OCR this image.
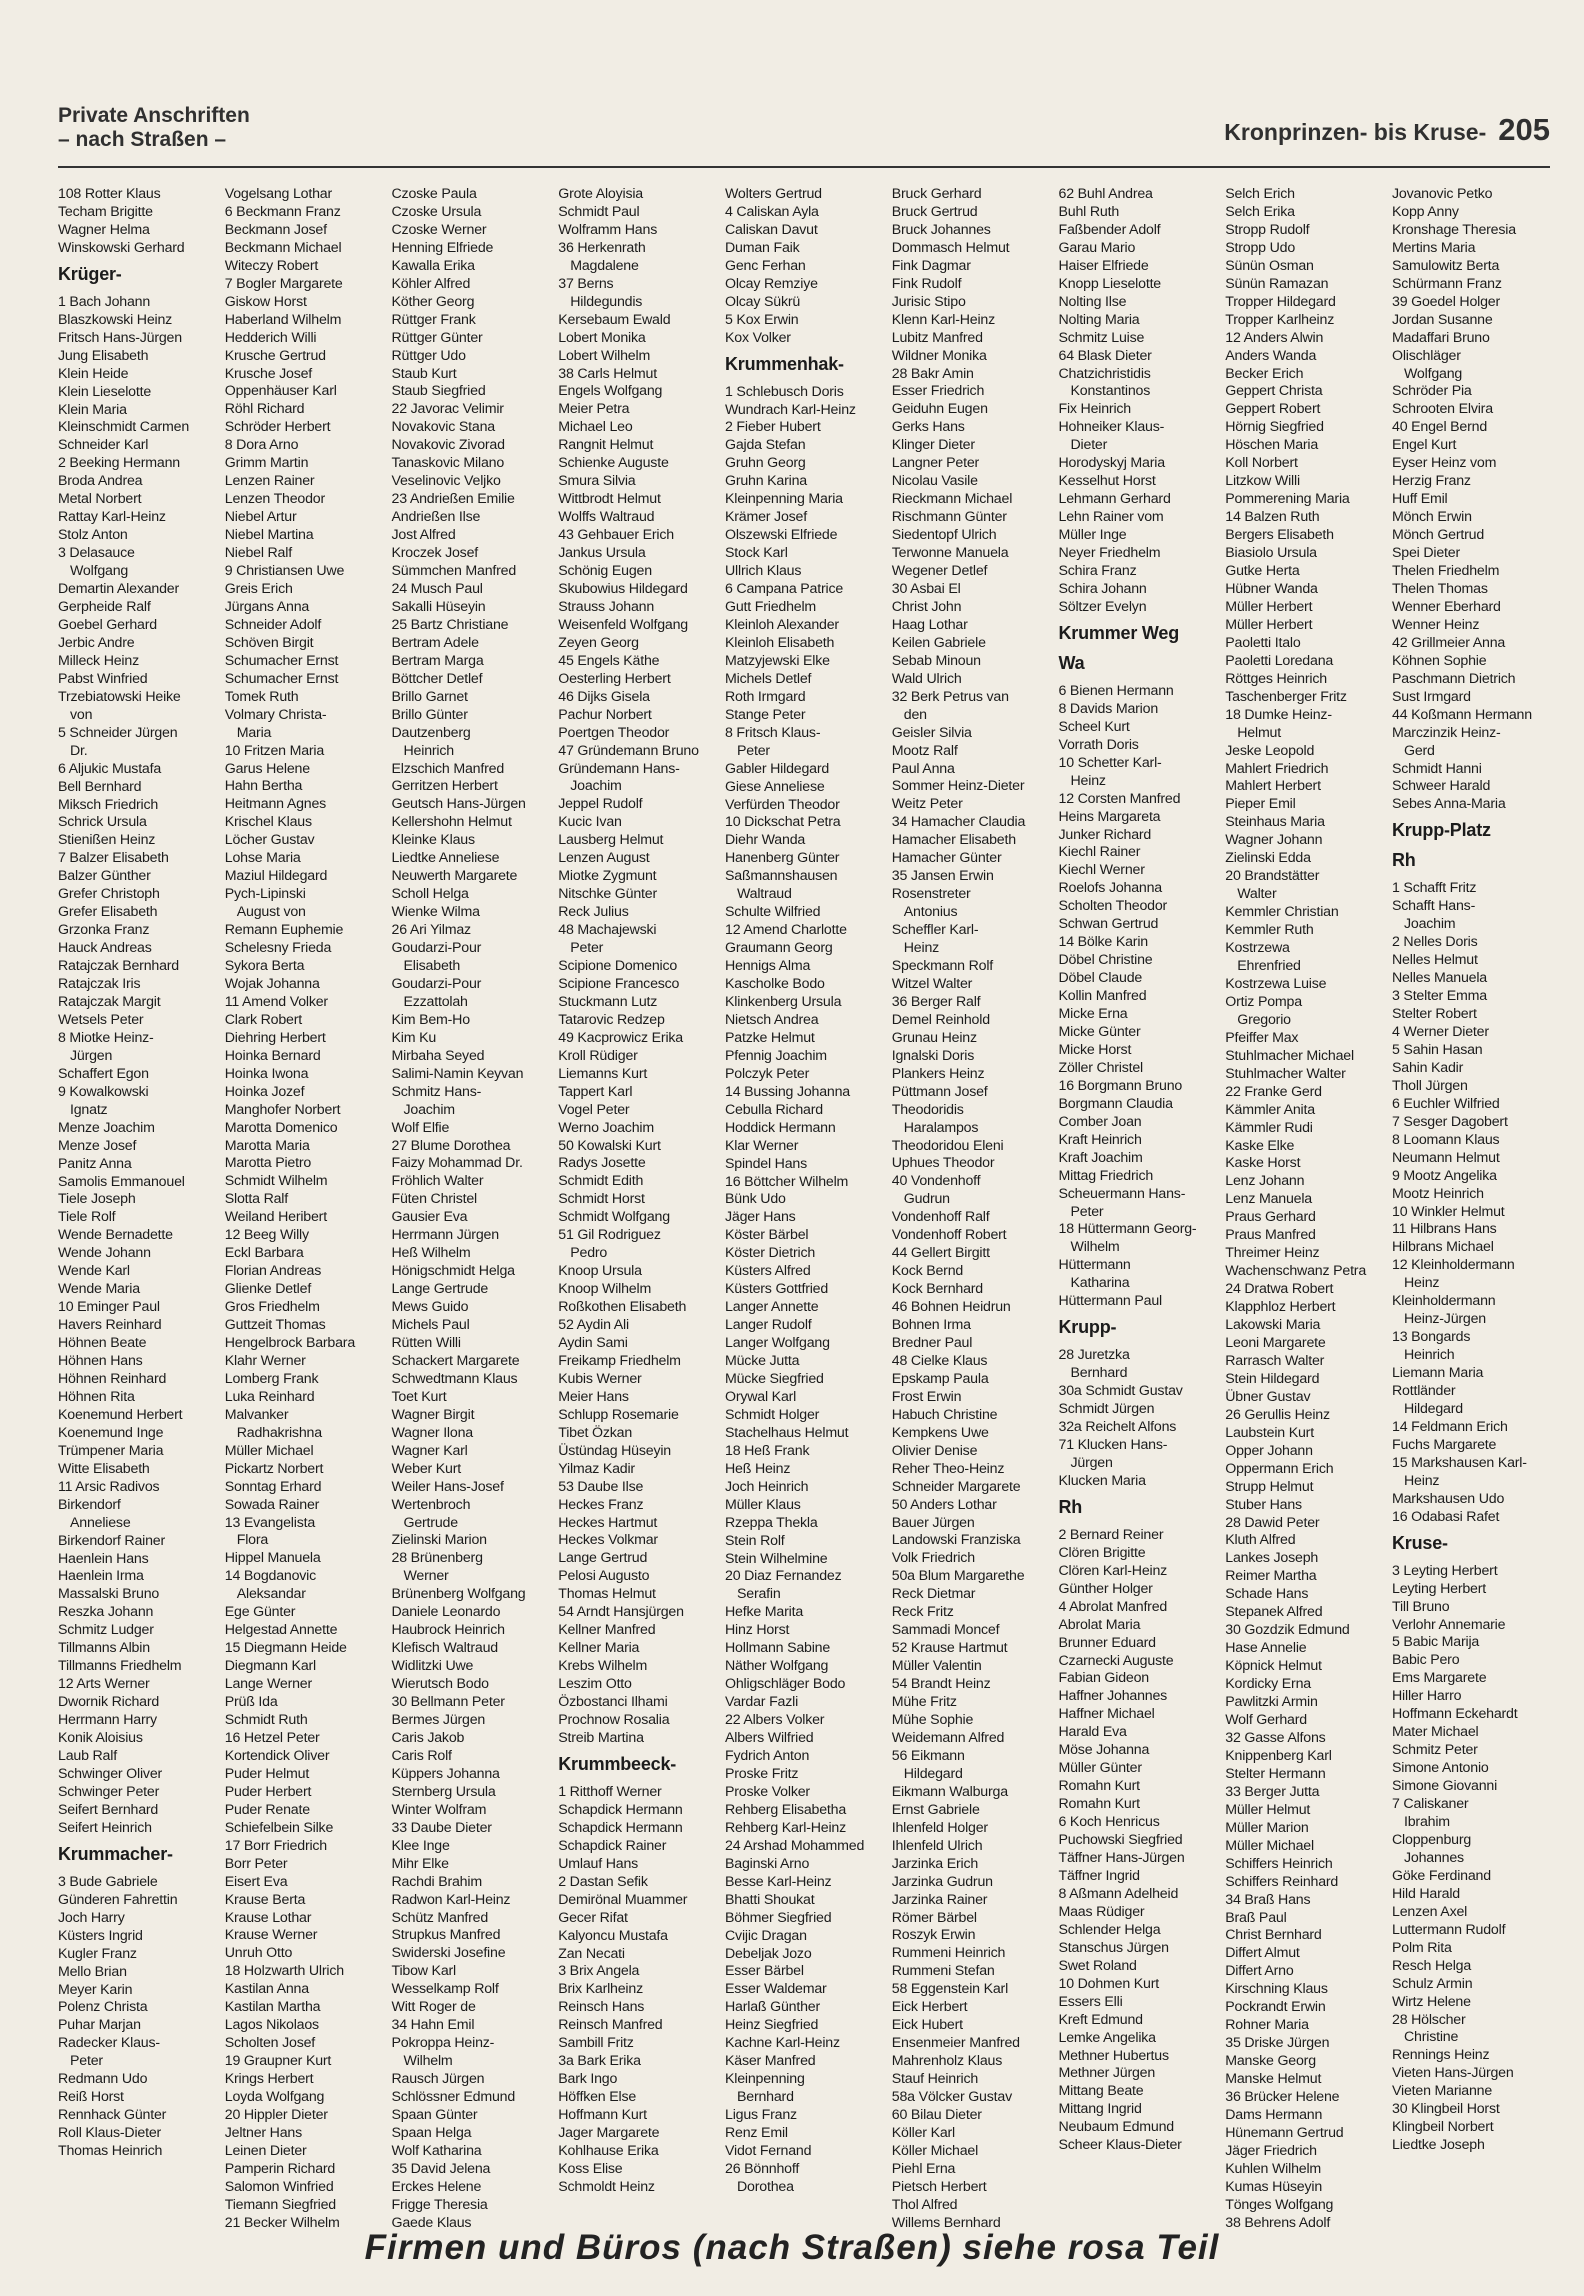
Private Anschriften
– nach Straßen –	Kronprinzen- bis Kruse- 205
108 Rotter Klaus
Techam Brigitte
Wagner Helma
Winskowski Gerhard
Krüger-
1 Bach Johann
Blaszkowski Heinz
Fritsch Hans-Jürgen
Jung Elisabeth
Klein Heide
Klein Lieselotte
Klein Maria
Kleinschmidt Carmen
Schneider Karl
2 Beeking Hermann
Broda Andrea
Metal Norbert
Rattay Karl-Heinz
Stolz Anton
3 Delasauce
Wolfgang
Demartin Alexander
Gerpheide Ralf
Goebel Gerhard
Jerbic Andre
Milleck Heinz
Pabst Winfried
Trzebiatowski Heike
von
5 Schneider Jürgen
Dr.
6 Aljukic Mustafa
Bell Bernhard
Miksch Friedrich
Schrick Ursula
Stienißen Heinz
7 Balzer Elisabeth
Balzer Günther
Grefer Christoph
Grefer Elisabeth
Grzonka Franz
Hauck Andreas
Ratajczak Bernhard
Ratajczak Iris
Ratajczak Margit
Wetsels Peter
8 Miotke Heinz-
Jürgen
Schaffert Egon
9 Kowalkowski
Ignatz
Menze Joachim
Menze Josef
Panitz Anna
Samolis Emmanouel
Tiele Joseph
Tiele Rolf
Wende Bernadette
Wende Johann
Wende Karl
Wende Maria
10 Eminger Paul
Havers Reinhard
Höhnen Beate
Höhnen Hans
Höhnen Reinhard
Höhnen Rita
Koenemund Herbert
Koenemund Inge
Trümpener Maria
Witte Elisabeth
11 Arsic Radivos
Birkendorf
Anneliese
Birkendorf Rainer
Haenlein Hans
Haenlein Irma
Massalski Bruno
Reszka Johann
Schmitz Ludger
Tillmanns Albin
Tillmanns Friedhelm
12 Arts Werner
Dwornik Richard
Herrmann Harry
Konik Aloisius
Laub Ralf
Schwinger Oliver
Schwinger Peter
Seifert Bernhard
Seifert Heinrich
Krummacher-
3 Bude Gabriele
Günderen Fahrettin
Joch Harry
Küsters Ingrid
Kugler Franz
Mello Brian
Meyer Karin
Polenz Christa
Puhar Marjan
Radecker Klaus-
Peter
Redmann Udo
Reiß Horst
Rennhack Günter
Roll Klaus-Dieter
Thomas Heinrich
Vogelsang Lothar
6 Beckmann Franz
Beckmann Josef
Beckmann Michael
Witeczy Robert
7 Bogler Margarete
Giskow Horst
Haberland Wilhelm
Hedderich Willi
Krusche Gertrud
Krusche Josef
Oppenhäuser Karl
Röhl Richard
Schröder Herbert
8 Dora Arno
Grimm Martin
Lenzen Rainer
Lenzen Theodor
Niebel Artur
Niebel Martina
Niebel Ralf
9 Christiansen Uwe
Greis Erich
Jürgans Anna
Schneider Adolf
Schöven Birgit
Schumacher Ernst
Schumacher Ernst
Tomek Ruth
Volmary Christa-
Maria
10 Fritzen Maria
Garus Helene
Hahn Bertha
Heitmann Agnes
Krischel Klaus
Löcher Gustav
Lohse Maria
Maziul Hildegard
Pych-Lipinski
August von
Remann Euphemie
Schelesny Frieda
Sykora Berta
Wojak Johanna
11 Amend Volker
Clark Robert
Diehring Herbert
Hoinka Bernard
Hoinka Iwona
Hoinka Jozef
Manghofer Norbert
Marotta Domenico
Marotta Maria
Marotta Pietro
Schmidt Wilhelm
Slotta Ralf
Weiland Heribert
12 Beeg Willy
Eckl Barbara
Florian Andreas
Glienke Detlef
Gros Friedhelm
Guttzeit Thomas
Hengelbrock Barbara
Klahr Werner
Lomberg Frank
Luka Reinhard
Malvanker
Radhakrishna
Müller Michael
Pickartz Norbert
Sonntag Erhard
Sowada Rainer
13 Evangelista
Flora
Hippel Manuela
14 Bogdanovic
Aleksandar
Ege Günter
Helgestad Annette
15 Diegmann Heide
Diegmann Karl
Lange Werner
Prüß Ida
Schmidt Ruth
16 Hetzel Peter
Kortendick Oliver
Puder Helmut
Puder Herbert
Puder Renate
Schiefelbein Silke
17 Borr Friedrich
Borr Peter
Eisert Eva
Krause Berta
Krause Lothar
Krause Werner
Unruh Otto
18 Holzwarth Ulrich
Kastilan Anna
Kastilan Martha
Lagos Nikolaos
Scholten Josef
19 Graupner Kurt
Krings Herbert
Loyda Wolfgang
20 Hippler Dieter
Jeltner Hans
Leinen Dieter
Pamperin Richard
Salomon Winfried
Tiemann Siegfried
21 Becker Wilhelm
Czoske Paula
Czoske Ursula
Czoske Werner
Henning Elfriede
Kawalla Erika
Köhler Alfred
Köther Georg
Rüttger Frank
Rüttger Günter
Rüttger Udo
Staub Kurt
Staub Siegfried
22 Javorac Velimir
Novakovic Stana
Novakovic Zivorad
Tanaskovic Milano
Veselinovic Veljko
23 Andrießen Emilie
Andrießen Ilse
Jost Alfred
Kroczek Josef
Sümmchen Manfred
24 Musch Paul
Sakalli Hüseyin
25 Bartz Christiane
Bertram Adele
Bertram Marga
Böttcher Detlef
Brillo Garnet
Brillo Günter
Dautzenberg
Heinrich
Elzschich Manfred
Gerritzen Herbert
Geutsch Hans-Jürgen
Kellershohn Helmut
Kleinke Klaus
Liedtke Anneliese
Neuwerth Margarete
Scholl Helga
Wienke Wilma
26 Ari Yilmaz
Goudarzi-Pour
Elisabeth
Goudarzi-Pour
Ezzattolah
Kim Bem-Ho
Kim Ku
Mirbaha Seyed
Salimi-Namin Keyvan
Schmitz Hans-
Joachim
Wolf Elfie
27 Blume Dorothea
Faizy Mohammad Dr.
Fröhlich Walter
Füten Christel
Gausier Eva
Herrmann Jürgen
Heß Wilhelm
Hönigschmidt Helga
Lange Gertrude
Mews Guido
Michels Paul
Rütten Willi
Schackert Margarete
Schwedtmann Klaus
Toet Kurt
Wagner Birgit
Wagner Ilona
Wagner Karl
Weber Kurt
Weiler Hans-Josef
Wertenbroch
Gertrude
Zielinski Marion
28 Brünenberg
Werner
Brünenberg Wolfgang
Daniele Leonardo
Haubrock Heinrich
Klefisch Waltraud
Widlitzki Uwe
Wierutsch Bodo
30 Bellmann Peter
Bermes Jürgen
Caris Jakob
Caris Rolf
Küppers Johanna
Sternberg Ursula
Winter Wolfram
33 Daube Dieter
Klee Inge
Mihr Elke
Rachdi Brahim
Radwon Karl-Heinz
Schütz Manfred
Strupkus Manfred
Swiderski Josefine
Tibow Karl
Wesselkamp Rolf
Witt Roger de
34 Hahn Emil
Pokroppa Heinz-
Wilhelm
Rausch Jürgen
Schlössner Edmund
Spaan Günter
Spaan Helga
Wolf Katharina
35 David Jelena
Erckes Helene
Frigge Theresia
Gaede Klaus
Grote Aloyisia
Schmidt Paul
Wolframm Hans
36 Herkenrath
Magdalene
37 Berns
Hildegundis
Kersebaum Ewald
Lobert Monika
Lobert Wilhelm
38 Carls Helmut
Engels Wolfgang
Meier Petra
Michael Leo
Rangnit Helmut
Schienke Auguste
Smura Silvia
Wittbrodt Helmut
Wolffs Waltraud
43 Gehbauer Erich
Jankus Ursula
Schönig Eugen
Skubowius Hildegard
Strauss Johann
Weisenfeld Wolfgang
Zeyen Georg
45 Engels Käthe
Oesterling Herbert
46 Dijks Gisela
Pachur Norbert
Poertgen Theodor
47 Gründemann Bruno
Gründemann Hans-
Joachim
Jeppel Rudolf
Kucic Ivan
Lausberg Helmut
Lenzen August
Miotke Zygmunt
Nitschke Günter
Reck Julius
48 Machajewski
Peter
Scipione Domenico
Scipione Francesco
Stuckmann Lutz
Tatarovic Redzep
49 Kacprowicz Erika
Kroll Rüdiger
Liemanns Kurt
Tappert Karl
Vogel Peter
Werno Joachim
50 Kowalski Kurt
Radys Josette
Schmidt Edith
Schmidt Horst
Schmidt Wolfgang
51 Gil Rodriguez
Pedro
Knoop Ursula
Knoop Wilhelm
Roßkothen Elisabeth
52 Aydin Ali
Aydin Sami
Freikamp Friedhelm
Kubis Werner
Meier Hans
Schlupp Rosemarie
Tibet Özkan
Üstündag Hüseyin
Yilmaz Kadir
53 Daube Ilse
Heckes Franz
Heckes Hartmut
Heckes Volkmar
Lange Gertrud
Pelosi Augusto
Thomas Helmut
54 Arndt Hansjürgen
Kellner Manfred
Kellner Maria
Krebs Wilhelm
Leszim Otto
Özbostanci Ilhami
Prochnow Rosalia
Streib Martina
Krummbeeck-
1 Ritthoff Werner
Schapdick Hermann
Schapdick Hermann
Schapdick Rainer
Umlauf Hans
2 Dastan Sefik
Demirönal Muammer
Gecer Rifat
Kalyoncu Mustafa
Zan Necati
3 Brix Angela
Brix Karlheinz
Reinsch Hans
Reinsch Manfred
Sambill Fritz
3a Bark Erika
Bark Ingo
Höffken Else
Hoffmann Kurt
Jager Margarete
Kohlhause Erika
Koss Elise
Schmoldt Heinz
Wolters Gertrud
4 Caliskan Ayla
Caliskan Davut
Duman Faik
Genc Ferhan
Olcay Remziye
Olcay Sükrü
5 Kox Erwin
Kox Volker
Krummenhak-
1 Schlebusch Doris
Wundrach Karl-Heinz
2 Fieber Hubert
Gajda Stefan
Gruhn Georg
Gruhn Karina
Kleinpenning Maria
Krämer Josef
Olszewski Elfriede
Stock Karl
Ullrich Klaus
6 Campana Patrice
Gutt Friedhelm
Kleinloh Alexander
Kleinloh Elisabeth
Matzyjewski Elke
Michels Detlef
Roth Irmgard
Stange Peter
8 Fritsch Klaus-
Peter
Gabler Hildegard
Giese Anneliese
Verfürden Theodor
10 Dickschat Petra
Diehr Wanda
Hanenberg Günter
Saßmannshausen
Waltraud
Schulte Wilfried
12 Amend Charlotte
Graumann Georg
Hennigs Alma
Kascholke Bodo
Klinkenberg Ursula
Nietsch Andrea
Patzke Helmut
Pfennig Joachim
Polczyk Peter
14 Bussing Johanna
Cebulla Richard
Hoddick Hermann
Klar Werner
Spindel Hans
16 Böttcher Wilhelm
Bünk Udo
Jäger Hans
Köster Bärbel
Köster Dietrich
Küsters Alfred
Küsters Gottfried
Langer Annette
Langer Rudolf
Langer Wolfgang
Mücke Jutta
Mücke Siegfried
Orywal Karl
Schmidt Holger
Stachelhaus Helmut
18 Heß Frank
Heß Heinz
Joch Heinrich
Müller Klaus
Rzeppa Thekla
Stein Rolf
Stein Wilhelmine
20 Diaz Fernandez
Serafin
Hefke Marita
Hinz Horst
Hollmann Sabine
Näther Wolfgang
Ohligschläger Bodo
Vardar Fazli
22 Albers Volker
Albers Wilfried
Fydrich Anton
Proske Fritz
Proske Volker
Rehberg Elisabetha
Rehberg Karl-Heinz
24 Arshad Mohammed
Baginski Arno
Besse Karl-Heinz
Bhatti Shoukat
Böhmer Siegfried
Cvijic Dragan
Debeljak Jozo
Esser Bärbel
Esser Waldemar
Harlaß Günther
Heinz Siegfried
Kachne Karl-Heinz
Käser Manfred
Kleinpenning
Bernhard
Ligus Franz
Renz Emil
Vidot Fernand
26 Bönnhoff
Dorothea
Bruck Gerhard
Bruck Gertrud
Bruck Johannes
Dommasch Helmut
Fink Dagmar
Fink Rudolf
Jurisic Stipo
Klenn Karl-Heinz
Lubitz Manfred
Wildner Monika
28 Bakr Amin
Esser Friedrich
Geiduhn Eugen
Gerks Hans
Klinger Dieter
Langner Peter
Nicolau Vasile
Rieckmann Michael
Rischmann Günter
Siedentopf Ulrich
Terwonne Manuela
Wegener Detlef
30 Asbai El
Christ John
Haag Lothar
Keilen Gabriele
Sebab Minoun
Wald Ulrich
32 Berk Petrus van
den
Geisler Silvia
Mootz Ralf
Paul Anna
Sommer Heinz-Dieter
Weitz Peter
34 Hamacher Claudia
Hamacher Elisabeth
Hamacher Günter
35 Jansen Erwin
Rosenstreter
Antonius
Scheffler Karl-
Heinz
Speckmann Rolf
Witzel Walter
36 Berger Ralf
Demel Reinhold
Grunau Heinz
Ignalski Doris
Plankers Heinz
Püttmann Josef
Theodoridis
Haralampos
Theodoridou Eleni
Uphues Theodor
40 Vondenhoff
Gudrun
Vondenhoff Ralf
Vondenhoff Robert
44 Gellert Birgitt
Kock Bernd
Kock Bernhard
46 Bohnen Heidrun
Bohnen Irma
Bredner Paul
48 Cielke Klaus
Epskamp Paula
Frost Erwin
Habuch Christine
Kempkens Uwe
Olivier Denise
Reher Theo-Heinz
Schneider Margarete
50 Anders Lothar
Bauer Jürgen
Landowski Franziska
Volk Friedrich
50a Blum Margarethe
Reck Dietmar
Reck Fritz
Sammadi Moncef
52 Krause Hartmut
Müller Valentin
54 Brandt Heinz
Mühe Fritz
Mühe Sophie
Weidemann Alfred
56 Eikmann
Hildegard
Eikmann Walburga
Ernst Gabriele
Ihlenfeld Holger
Ihlenfeld Ulrich
Jarzinka Erich
Jarzinka Gudrun
Jarzinka Rainer
Römer Bärbel
Roszyk Erwin
Rummeni Heinrich
Rummeni Stefan
58 Eggenstein Karl
Eick Herbert
Eick Hubert
Ensenmeier Manfred
Mahrenholz Klaus
Stauf Heinrich
58a Völcker Gustav
60 Bilau Dieter
Köller Karl
Köller Michael
Piehl Erna
Pietsch Herbert
Thol Alfred
Willems Bernhard
62 Buhl Andrea
Buhl Ruth
Faßbender Adolf
Garau Mario
Haiser Elfriede
Knopp Lieselotte
Nolting Ilse
Nolting Maria
Schmitz Luise
64 Blask Dieter
Chatzichristidis
Konstantinos
Fix Heinrich
Hohneiker Klaus-
Dieter
Horodyskyj Maria
Kesselhut Horst
Lehmann Gerhard
Lehn Rainer vom
Müller Inge
Neyer Friedhelm
Schira Franz
Schira Johann
Söltzer Evelyn
Krummer Weg
Wa
6 Bienen Hermann
8 Davids Marion
Scheel Kurt
Vorrath Doris
10 Schetter Karl-
Heinz
12 Corsten Manfred
Heins Margareta
Junker Richard
Kiechl Rainer
Kiechl Werner
Roelofs Johanna
Scholten Theodor
Schwan Gertrud
14 Bölke Karin
Döbel Christine
Döbel Claude
Kollin Manfred
Micke Erna
Micke Günter
Micke Horst
Zöller Christel
16 Borgmann Bruno
Borgmann Claudia
Comber Joan
Kraft Heinrich
Kraft Joachim
Mittag Friedrich
Scheuermann Hans-
Peter
18 Hüttermann Georg-
Wilhelm
Hüttermann
Katharina
Hüttermann Paul
Krupp-
28 Juretzka
Bernhard
30a Schmidt Gustav
Schmidt Jürgen
32a Reichelt Alfons
71 Klucken Hans-
Jürgen
Klucken Maria
Rh
2 Bernard Reiner
Clören Brigitte
Clören Karl-Heinz
Günther Holger
4 Abrolat Manfred
Abrolat Maria
Brunner Eduard
Czarnecki Auguste
Fabian Gideon
Haffner Johannes
Haffner Michael
Harald Eva
Möse Johanna
Müller Günter
Romahn Kurt
Romahn Kurt
6 Koch Henricus
Puchowski Siegfried
Täffner Hans-Jürgen
Täffner Ingrid
8 Aßmann Adelheid
Maas Rüdiger
Schlender Helga
Stanschus Jürgen
Swet Roland
10 Dohmen Kurt
Essers Elli
Kreft Edmund
Lemke Angelika
Methner Hubertus
Methner Jürgen
Mittang Beate
Mittang Ingrid
Neubaum Edmund
Scheer Klaus-Dieter
Selch Erich
Selch Erika
Stropp Rudolf
Stropp Udo
Sünün Osman
Sünün Ramazan
Tropper Hildegard
Tropper Karlheinz
12 Anders Alwin
Anders Wanda
Becker Erich
Geppert Christa
Geppert Robert
Hörnig Siegfried
Höschen Maria
Koll Norbert
Litzkow Willi
Pommerening Maria
14 Balzen Ruth
Bergers Elisabeth
Biasiolo Ursula
Gutke Herta
Hübner Wanda
Müller Herbert
Müller Herbert
Paoletti Italo
Paoletti Loredana
Röttges Heinrich
Taschenberger Fritz
18 Dumke Heinz-
Helmut
Jeske Leopold
Mahlert Friedrich
Mahlert Herbert
Pieper Emil
Steinhaus Maria
Wagner Johann
Zielinski Edda
20 Brandstätter
Walter
Kemmler Christian
Kemmler Ruth
Kostrzewa
Ehrenfried
Kostrzewa Luise
Ortiz Pompa
Gregorio
Pfeiffer Max
Stuhlmacher Michael
Stuhlmacher Walter
22 Franke Gerd
Kämmler Anita
Kämmler Rudi
Kaske Elke
Kaske Horst
Lenz Johann
Lenz Manuela
Praus Gerhard
Praus Manfred
Threimer Heinz
Wachenschwanz Petra
24 Dratwa Robert
Klapphloz Herbert
Lakowski Maria
Leoni Margarete
Rarrasch Walter
Stein Hildegard
Übner Gustav
26 Gerullis Heinz
Laubstein Kurt
Opper Johann
Oppermann Erich
Strupp Helmut
Stuber Hans
28 Dawid Peter
Kluth Alfred
Lankes Joseph
Reimer Martha
Schade Hans
Stepanek Alfred
30 Gozdzik Edmund
Hase Annelie
Köpnick Helmut
Kordicky Erna
Pawlitzki Armin
Wolf Gerhard
32 Gasse Alfons
Knippenberg Karl
Stelter Hermann
33 Berger Jutta
Müller Helmut
Müller Marion
Müller Michael
Schiffers Heinrich
Schiffers Reinhard
34 Braß Hans
Braß Paul
Christ Bernhard
Differt Almut
Differt Arno
Kirschning Klaus
Pockrandt Erwin
Rohner Maria
35 Driske Jürgen
Manske Georg
Manske Helmut
36 Brücker Helene
Dams Hermann
Hünemann Gertrud
Jäger Friedrich
Kuhlen Wilhelm
Kumas Hüseyin
Tönges Wolfgang
38 Behrens Adolf
Jovanovic Petko
Kopp Anny
Kronshage Theresia
Mertins Maria
Samulowitz Berta
Schürmann Franz
39 Goedel Holger
Jordan Susanne
Madaffari Bruno
Olischläger
Wolfgang
Schröder Pia
Schrooten Elvira
40 Engel Bernd
Engel Kurt
Eyser Heinz vom
Herzig Franz
Huff Emil
Mönch Erwin
Mönch Gertrud
Spei Dieter
Thelen Friedhelm
Thelen Thomas
Wenner Eberhard
Wenner Heinz
42 Grillmeier Anna
Köhnen Sophie
Paschmann Dietrich
Sust Irmgard
44 Koßmann Hermann
Marczinzik Heinz-
Gerd
Schmidt Hanni
Schweer Harald
Sebes Anna-Maria
Krupp-Platz
Rh
1 Schafft Fritz
Schafft Hans-
Joachim
2 Nelles Doris
Nelles Helmut
Nelles Manuela
3 Stelter Emma
Stelter Robert
4 Werner Dieter
5 Sahin Hasan
Sahin Kadir
Tholl Jürgen
6 Euchler Wilfried
7 Sesger Dagobert
8 Loomann Klaus
Neumann Helmut
9 Mootz Angelika
Mootz Heinrich
10 Winkler Helmut
11 Hilbrans Hans
Hilbrans Michael
12 Kleinholdermann
Heinz
Kleinholdermann
Heinz-Jürgen
13 Bongards
Heinrich
Liemann Maria
Rottländer
Hildegard
14 Feldmann Erich
Fuchs Margarete
15 Markshausen Karl-
Heinz
Markshausen Udo
16 Odabasi Rafet
Kruse-
3 Leyting Herbert
Leyting Herbert
Till Bruno
Verlohr Annemarie
5 Babic Marija
Babic Pero
Ems Margarete
Hiller Harro
Hoffmann Eckehardt
Mater Michael
Schmitz Peter
Simone Antonio
Simone Giovanni
7 Caliskaner
Ibrahim
Cloppenburg
Johannes
Göke Ferdinand
Hild Harald
Lenzen Axel
Luttermann Rudolf
Polm Rita
Resch Helga
Schulz Armin
Wirtz Helene
28 Hölscher
Christine
Rennings Heinz
Vieten Hans-Jürgen
Vieten Marianne
30 Klingbeil Horst
Klingbeil Norbert
Liedtke Joseph
Firmen und Büros (nach Straßen) siehe rosa Teil
